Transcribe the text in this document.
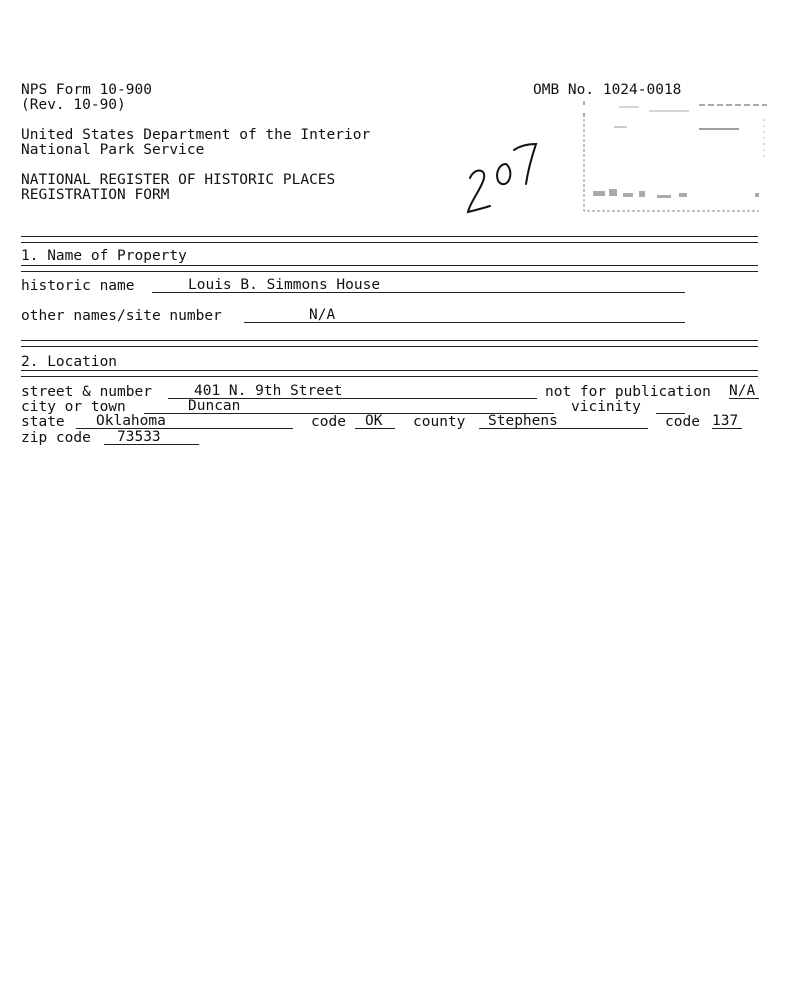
NPS Form 10-900
(Rev. 10-90)
OMB No. 1024-0018
United States Department of the Interior
National Park Service
NATIONAL REGISTER OF HISTORIC PLACES
REGISTRATION FORM
1. Name of Property
historic name	Louis B. Simmons House
other names/site number	N/A
2. Location
street & number	401 N. 9th Street	not for publication N/A
city or town	Duncan	vicinity
state	Oklahoma	code	OK	county	Stephens	code 137
zip code	73533
